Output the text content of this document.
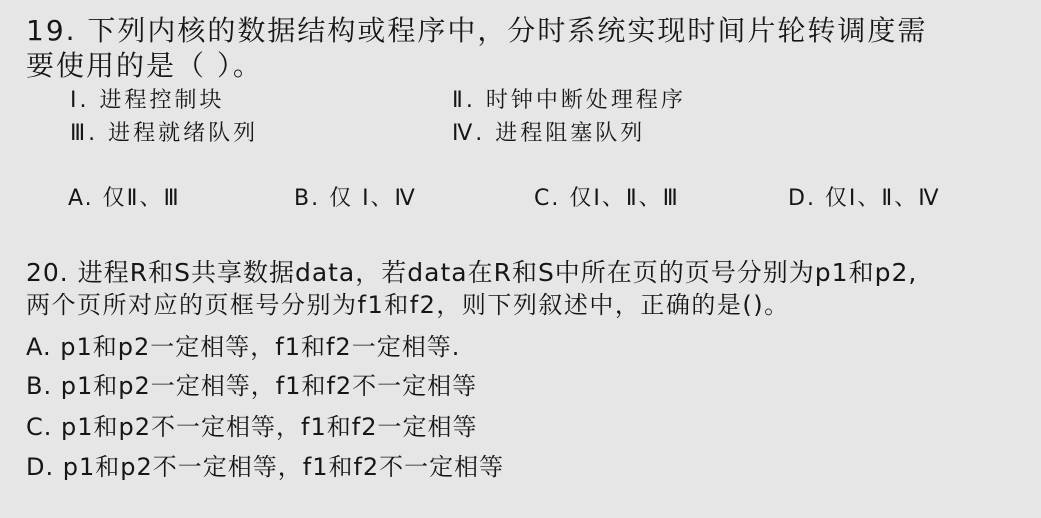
19. 下列内核的数据结构或程序中，分时系统实现时间片轮转调度需
要使用的是（ ）。
Ⅰ. 进程控制块	Ⅱ. 时钟中断处理程序
Ⅲ. 进程就绪队列	Ⅳ. 进程阻塞队列
A. 仅Ⅱ、Ⅲ	B. 仅 Ⅰ、Ⅳ	C. 仅Ⅰ、Ⅱ、Ⅲ	D. 仅Ⅰ、Ⅱ、Ⅳ
20. 进程R和S共享数据data，若data在R和S中所在页的页号分别为p1和p2,
两个页所对应的页框号分别为f1和f2，则下列叙述中，正确的是()。
A. p1和p2一定相等，f1和f2一定相等.
B. p1和p2一定相等，f1和f2不一定相等
C. p1和p2不一定相等，f1和f2一定相等
D. p1和p2不一定相等，f1和f2不一定相等
